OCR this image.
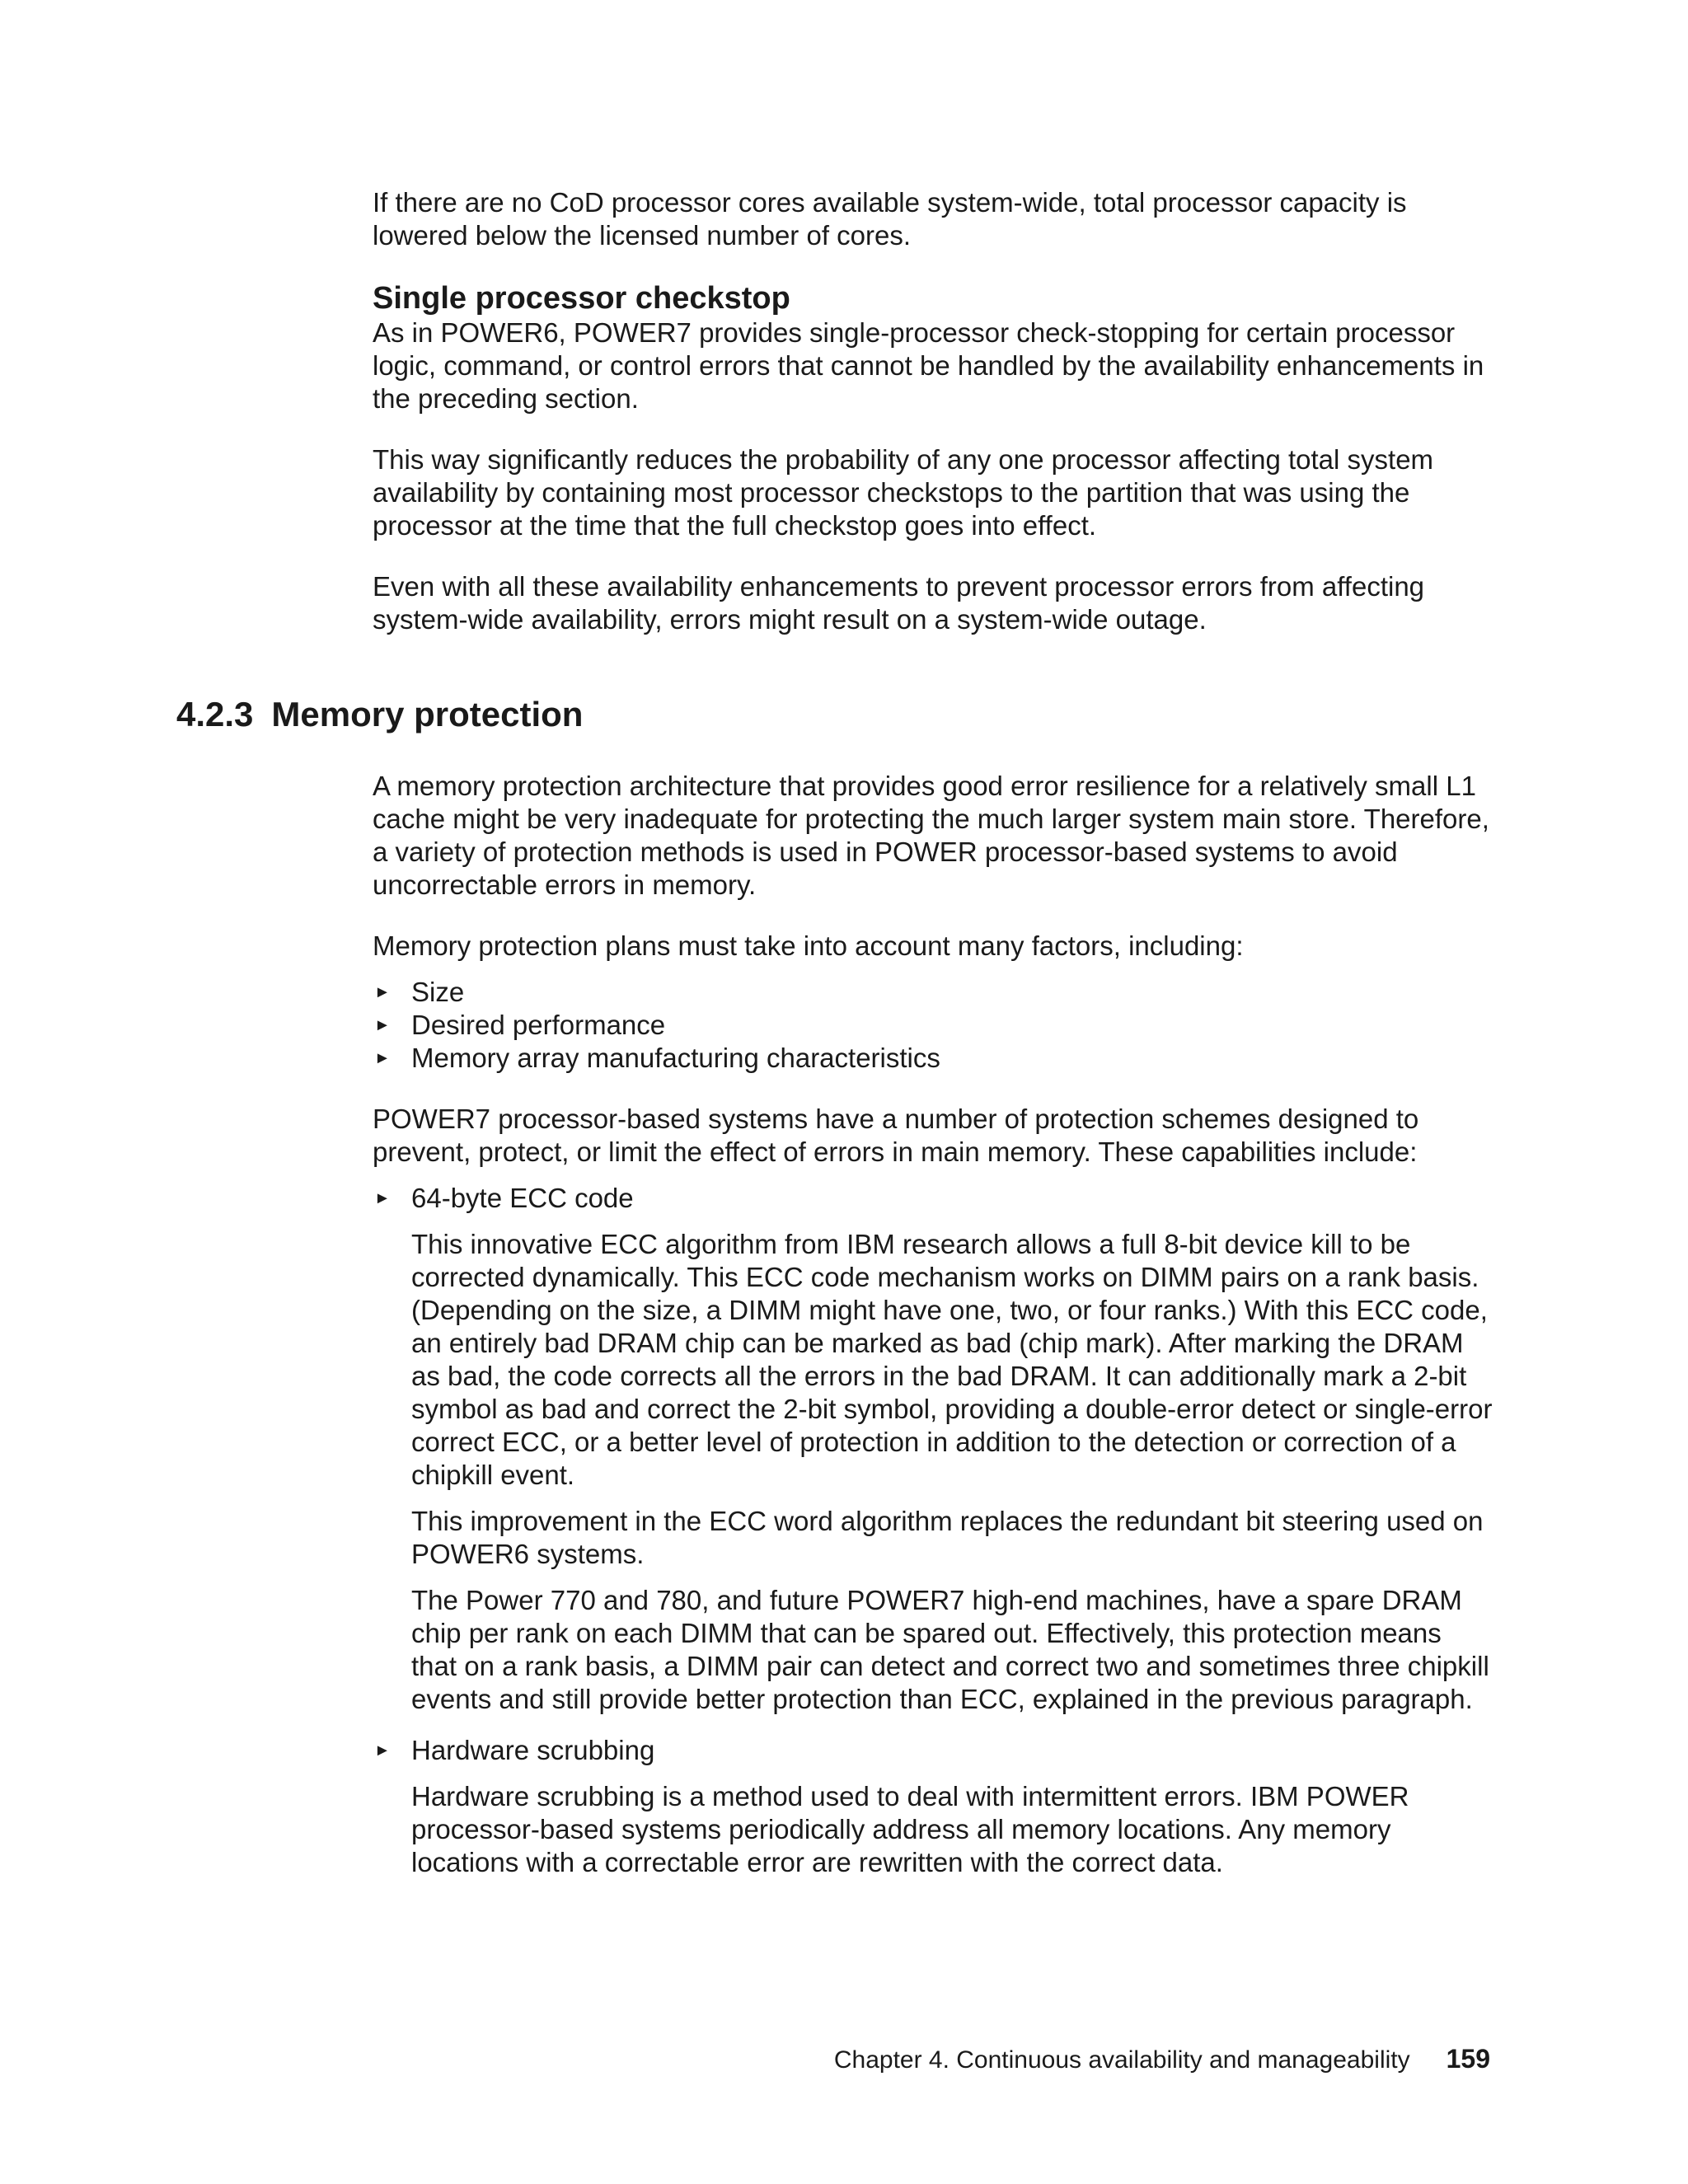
If there are no CoD processor cores available system-wide, total processor capacity is lowered below the licensed number of cores.

Single processor checkstop

As in POWER6, POWER7 provides single-processor check-stopping for certain processor logic, command, or control errors that cannot be handled by the availability enhancements in the preceding section.

This way significantly reduces the probability of any one processor affecting total system availability by containing most processor checkstops to the partition that was using the processor at the time that the full checkstop goes into effect.

Even with all these availability enhancements to prevent processor errors from affecting system-wide availability, errors might result on a system-wide outage.

4.2.3 Memory protection

A memory protection architecture that provides good error resilience for a relatively small L1 cache might be very inadequate for protecting the much larger system main store. Therefore, a variety of protection methods is used in POWER processor-based systems to avoid uncorrectable errors in memory.

Memory protection plans must take into account many factors, including:

► Size
► Desired performance
► Memory array manufacturing characteristics

POWER7 processor-based systems have a number of protection schemes designed to prevent, protect, or limit the effect of errors in main memory. These capabilities include:

► 64-byte ECC code

This innovative ECC algorithm from IBM research allows a full 8-bit device kill to be corrected dynamically. This ECC code mechanism works on DIMM pairs on a rank basis. (Depending on the size, a DIMM might have one, two, or four ranks.) With this ECC code, an entirely bad DRAM chip can be marked as bad (chip mark). After marking the DRAM as bad, the code corrects all the errors in the bad DRAM. It can additionally mark a 2-bit symbol as bad and correct the 2-bit symbol, providing a double-error detect or single-error correct ECC, or a better level of protection in addition to the detection or correction of a chipkill event.

This improvement in the ECC word algorithm replaces the redundant bit steering used on POWER6 systems.

The Power 770 and 780, and future POWER7 high-end machines, have a spare DRAM chip per rank on each DIMM that can be spared out. Effectively, this protection means that on a rank basis, a DIMM pair can detect and correct two and sometimes three chipkill events and still provide better protection than ECC, explained in the previous paragraph.

► Hardware scrubbing

Hardware scrubbing is a method used to deal with intermittent errors. IBM POWER processor-based systems periodically address all memory locations. Any memory locations with a correctable error are rewritten with the correct data.

Chapter 4. Continuous availability and manageability 159
